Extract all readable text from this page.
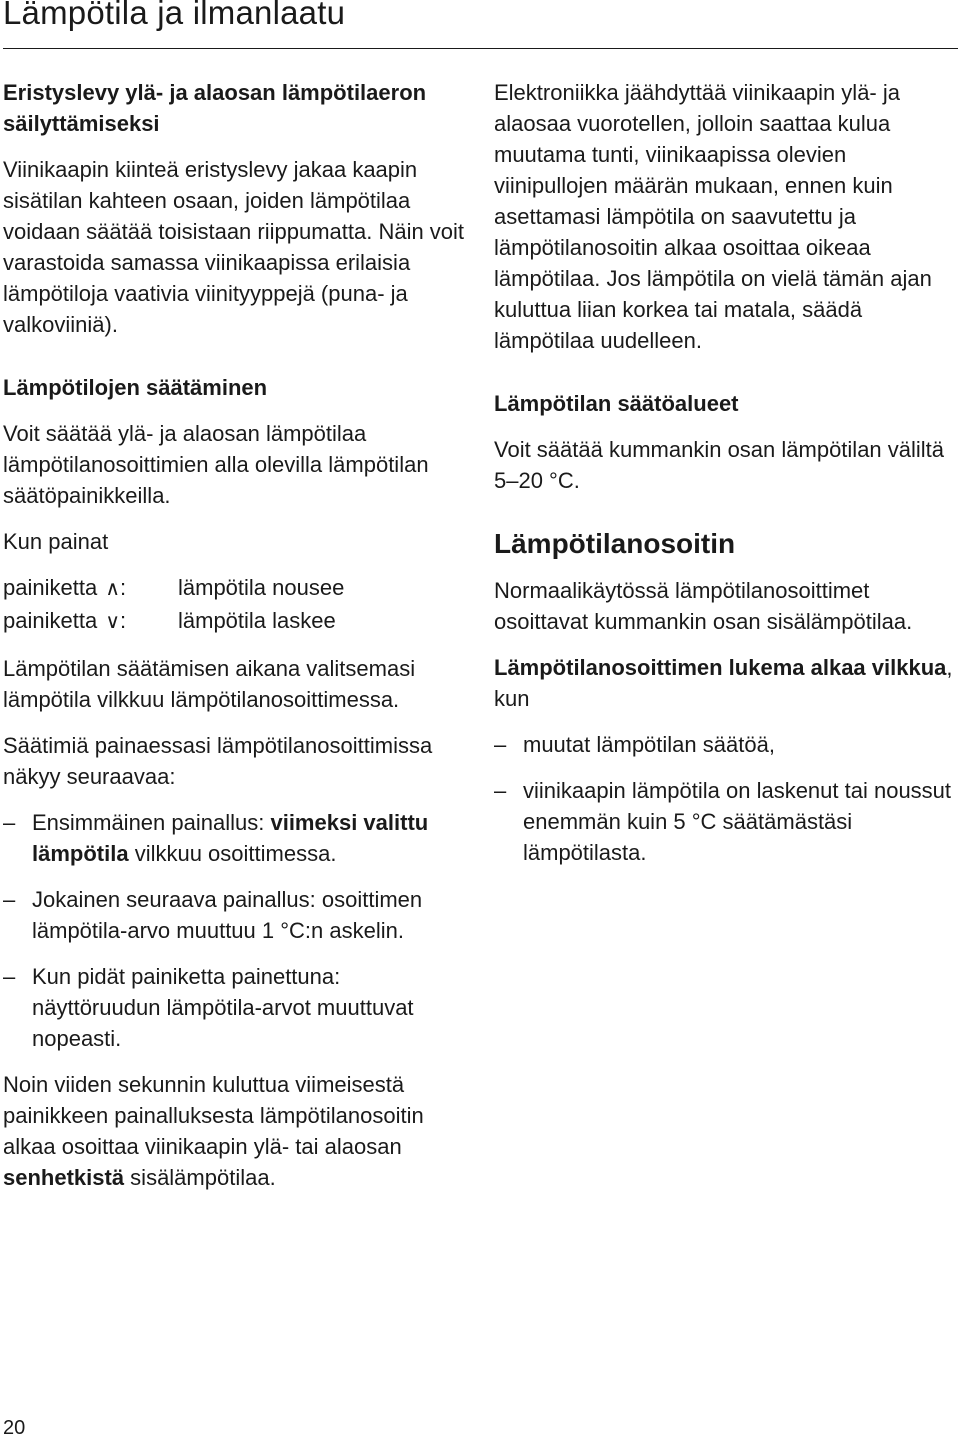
Lämpötila ja ilmanlaatu
Eristyslevy ylä- ja alaosan lämpötilaeron säilyttämiseksi

Viinikaapin kiinteä eristyslevy jakaa kaapin sisätilan kahteen osaan, joiden lämpötilaa voidaan säätää toisistaan riippumatta. Näin voit varastoida samassa viinikaapissa erilaisia lämpötiloja vaativia viinityyppejä (puna- ja valkoviiniä).

Lämpötilojen säätäminen

Voit säätää ylä- ja alaosan lämpötilaa lämpötilanosoittimien alla olevilla lämpötilan säätöpainikkeilla.

Kun painat

painiketta ∧:	lämpötila nousee
painiketta ∨:	lämpötila laskee

Lämpötilan säätämisen aikana valitsemasi lämpötila vilkkuu lämpötilanosoittimessa.

Säätimiä painaessasi lämpötilanosoittimissa näkyy seuraavaa:

– Ensimmäinen painallus: viimeksi valittu lämpötila vilkkuu osoittimessa.
– Jokainen seuraava painallus: osoittimen lämpötila-arvo muuttuu 1 °C:n askelin.
– Kun pidät painiketta painettuna: näyttöruudun lämpötila-arvot muuttuvat nopeasti.

Noin viiden sekunnin kuluttua viimeisestä painikkeen painalluksesta lämpötilanosoitin alkaa osoittaa viinikaapin ylä- tai alaosan senhetkistä sisälämpötilaa.

Elektroniikka jäähdyttää viinikaapin ylä- ja alaosaa vuorotellen, jolloin saattaa kulua muutama tunti, viinikaapissa olevien viinipullojen määrän mukaan, ennen kuin asettamasi lämpötila on saavutettu ja lämpötilanosoitin alkaa osoittaa oikeaa lämpötilaa. Jos lämpötila on vielä tämän ajan kuluttua liian korkea tai matala, säädä lämpötilaa uudelleen.

Lämpötilan säätöalueet

Voit säätää kummankin osan lämpötilan väliltä 5–20 °C.

Lämpötilanosoitin

Normaalikäytössä lämpötilanosoittimet osoittavat kummankin osan sisälämpötilaa.

Lämpötilanosoittimen lukema alkaa vilkkua, kun

– muutat lämpötilan säätöä,
– viinikaapin lämpötila on laskenut tai noussut enemmän kuin 5 °C säätämästäsi lämpötilasta.
20
